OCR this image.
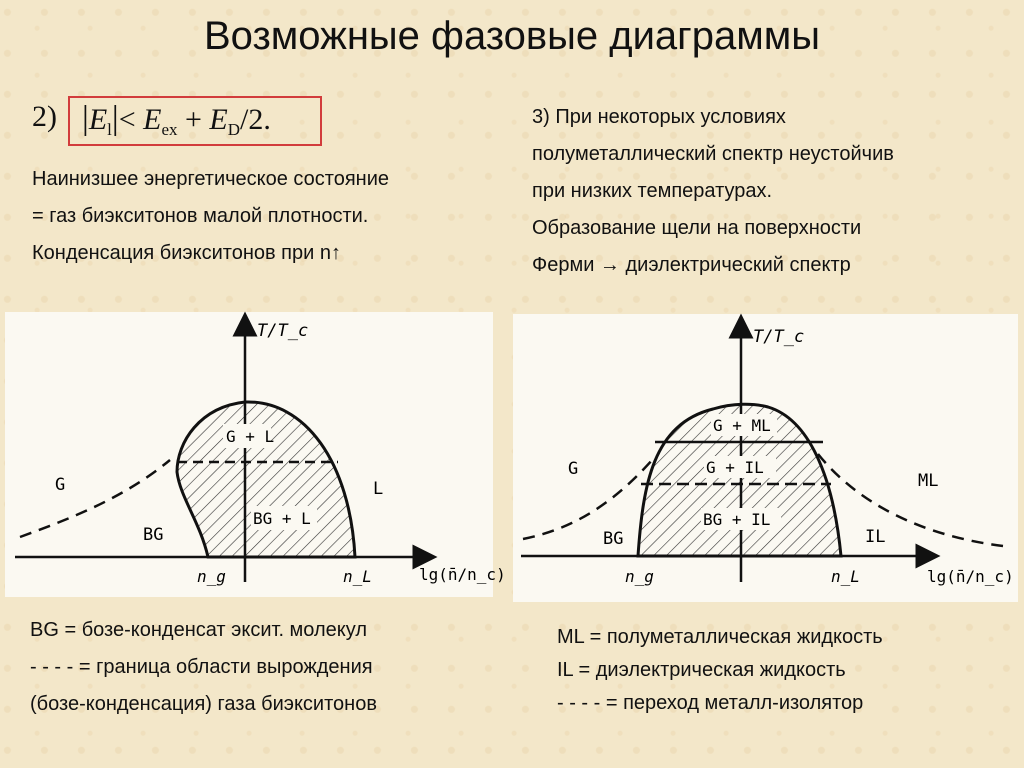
Возможные фазовые диаграммы
2) $|E_l|< E_{ex} + E_D/2$.
Наинизшее энергетическое состояние
= газ биэкситонов малой плотности.
Конденсация биэкситонов при n↑
3) При некоторых условиях
полуметаллический спектр неустойчив
при низких температурах.
Образование щели на поверхности
Ферми → диэлектрический спектр
G + L
BG + L
G	L
BG
T/T_c
lg(n̄/n_c)
n_g	n_L
G + ML
G + IL
BG + IL
G
ML
IL
BG
T/T_c
lg(n̄/n_c)
n_g	n_L
BG = бозе-конденсат эксит. молекул
- - - - = граница области вырождения
(бозе-конденсация) газа биэкситонов
ML = полуметаллическая жидкость
IL = диэлектрическая жидкость
- - - - = переход металл-изолятор
